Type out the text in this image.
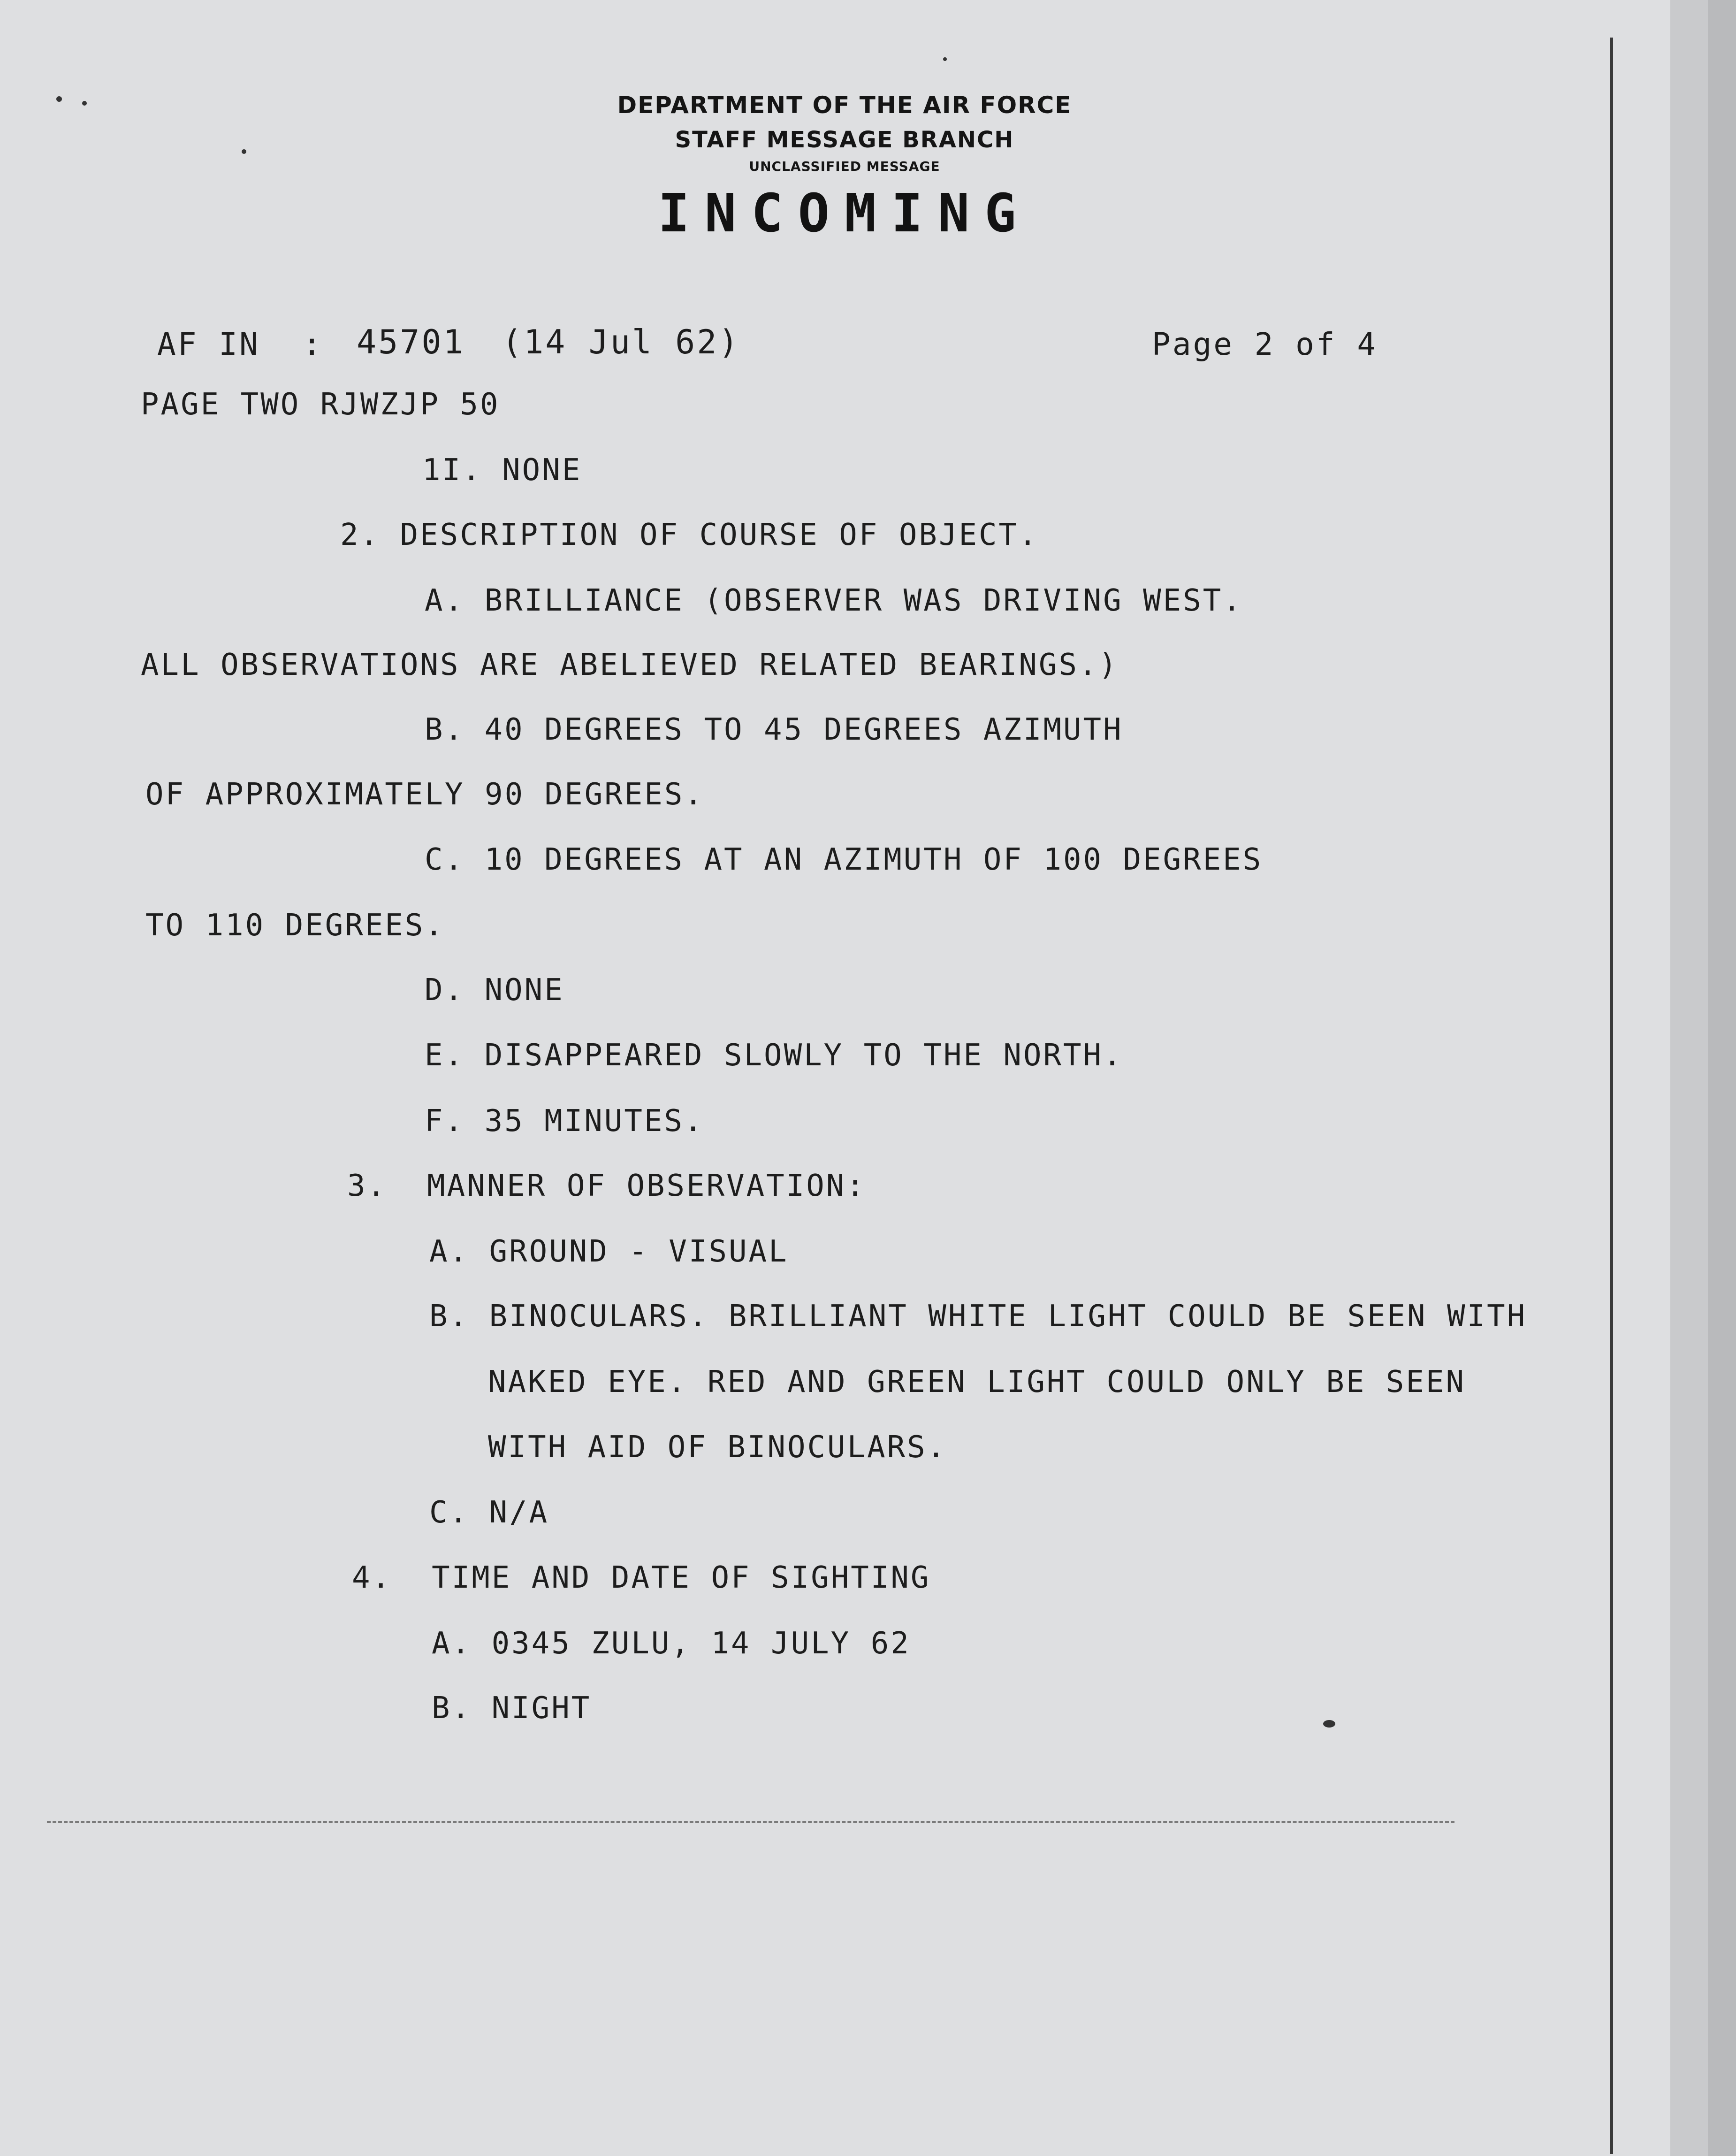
DEPARTMENT OF THE AIR FORCE
STAFF MESSAGE BRANCH
UNCLASSIFIED MESSAGE
INCOMING
AF IN : 45701 (14 Jul 62)	Page 2 of 4
PAGE TWO RJWZJP 50
1I. NONE
2. DESCRIPTION OF COURSE OF OBJECT.
A. BRILLIANCE (OBSERVER WAS DRIVING WEST.
ALL OBSERVATIONS ARE ABELIEVED RELATED BEARINGS.)
B. 40 DEGREES TO 45 DEGREES AZIMUTH
OF APPROXIMATELY 90 DEGREES.
C. 10 DEGREES AT AN AZIMUTH OF 100 DEGREES
TO 110 DEGREES.
D. NONE
E. DISAPPEARED SLOWLY TO THE NORTH.
F. 35 MINUTES.
3.  MANNER OF OBSERVATION:
A. GROUND - VISUAL
B. BINOCULARS. BRILLIANT WHITE LIGHT COULD BE SEEN WITH
NAKED EYE. RED AND GREEN LIGHT COULD ONLY BE SEEN
WITH AID OF BINOCULARS.
C. N/A
4.  TIME AND DATE OF SIGHTING
A. 0345 ZULU, 14 JULY 62
B. NIGHT
